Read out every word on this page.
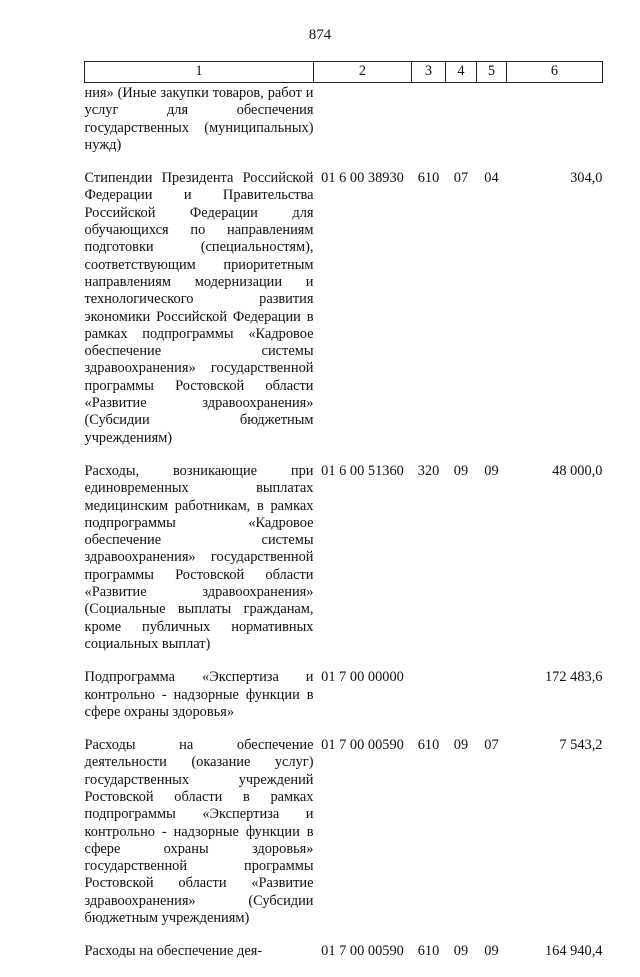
874
1	2	3	4	5	6
ния» (Иные закупки товаров, работ и услуг для обеспечения государственных (муниципальных) нужд)					
Стипендии Президента Российской Федерации и Правительства Российской Федерации для обучающихся по направлениям подготовки (специальностям), соответствующим приоритетным направлениям модернизации и технологического развития экономики Российской Федерации в рамках подпрограммы «Кадровое обеспечение системы здравоохранения» государственной программы Ростовской области «Развитие здравоохранения» (Субсидии бюджетным учреждениям)	01 6 00 38930	610	07	04	304,0
Расходы, возникающие при единовременных выплатах медицинским работникам, в рамках подпрограммы «Кадровое обеспечение системы здравоохранения» государственной программы Ростовской области «Развитие здравоохранения» (Социальные выплаты гражданам, кроме публичных нормативных социальных выплат)	01 6 00 51360	320	09	09	48 000,0
Подпрограмма «Экспертиза и контрольно - надзорные функции в сфере охраны здоровья»	01 7 00 00000				172 483,6
Расходы на обеспечение деятельности (оказание услуг) государственных учреждений Ростовской области в рамках подпрограммы «Экспертиза и контрольно - надзорные функции в сфере охраны здоровья» государственной программы Ростовской области «Развитие здравоохранения» (Субсидии бюджетным учреждениям)	01 7 00 00590	610	09	07	7 543,2
Расходы на обеспечение дея-	01 7 00 00590	610	09	09	164 940,4
